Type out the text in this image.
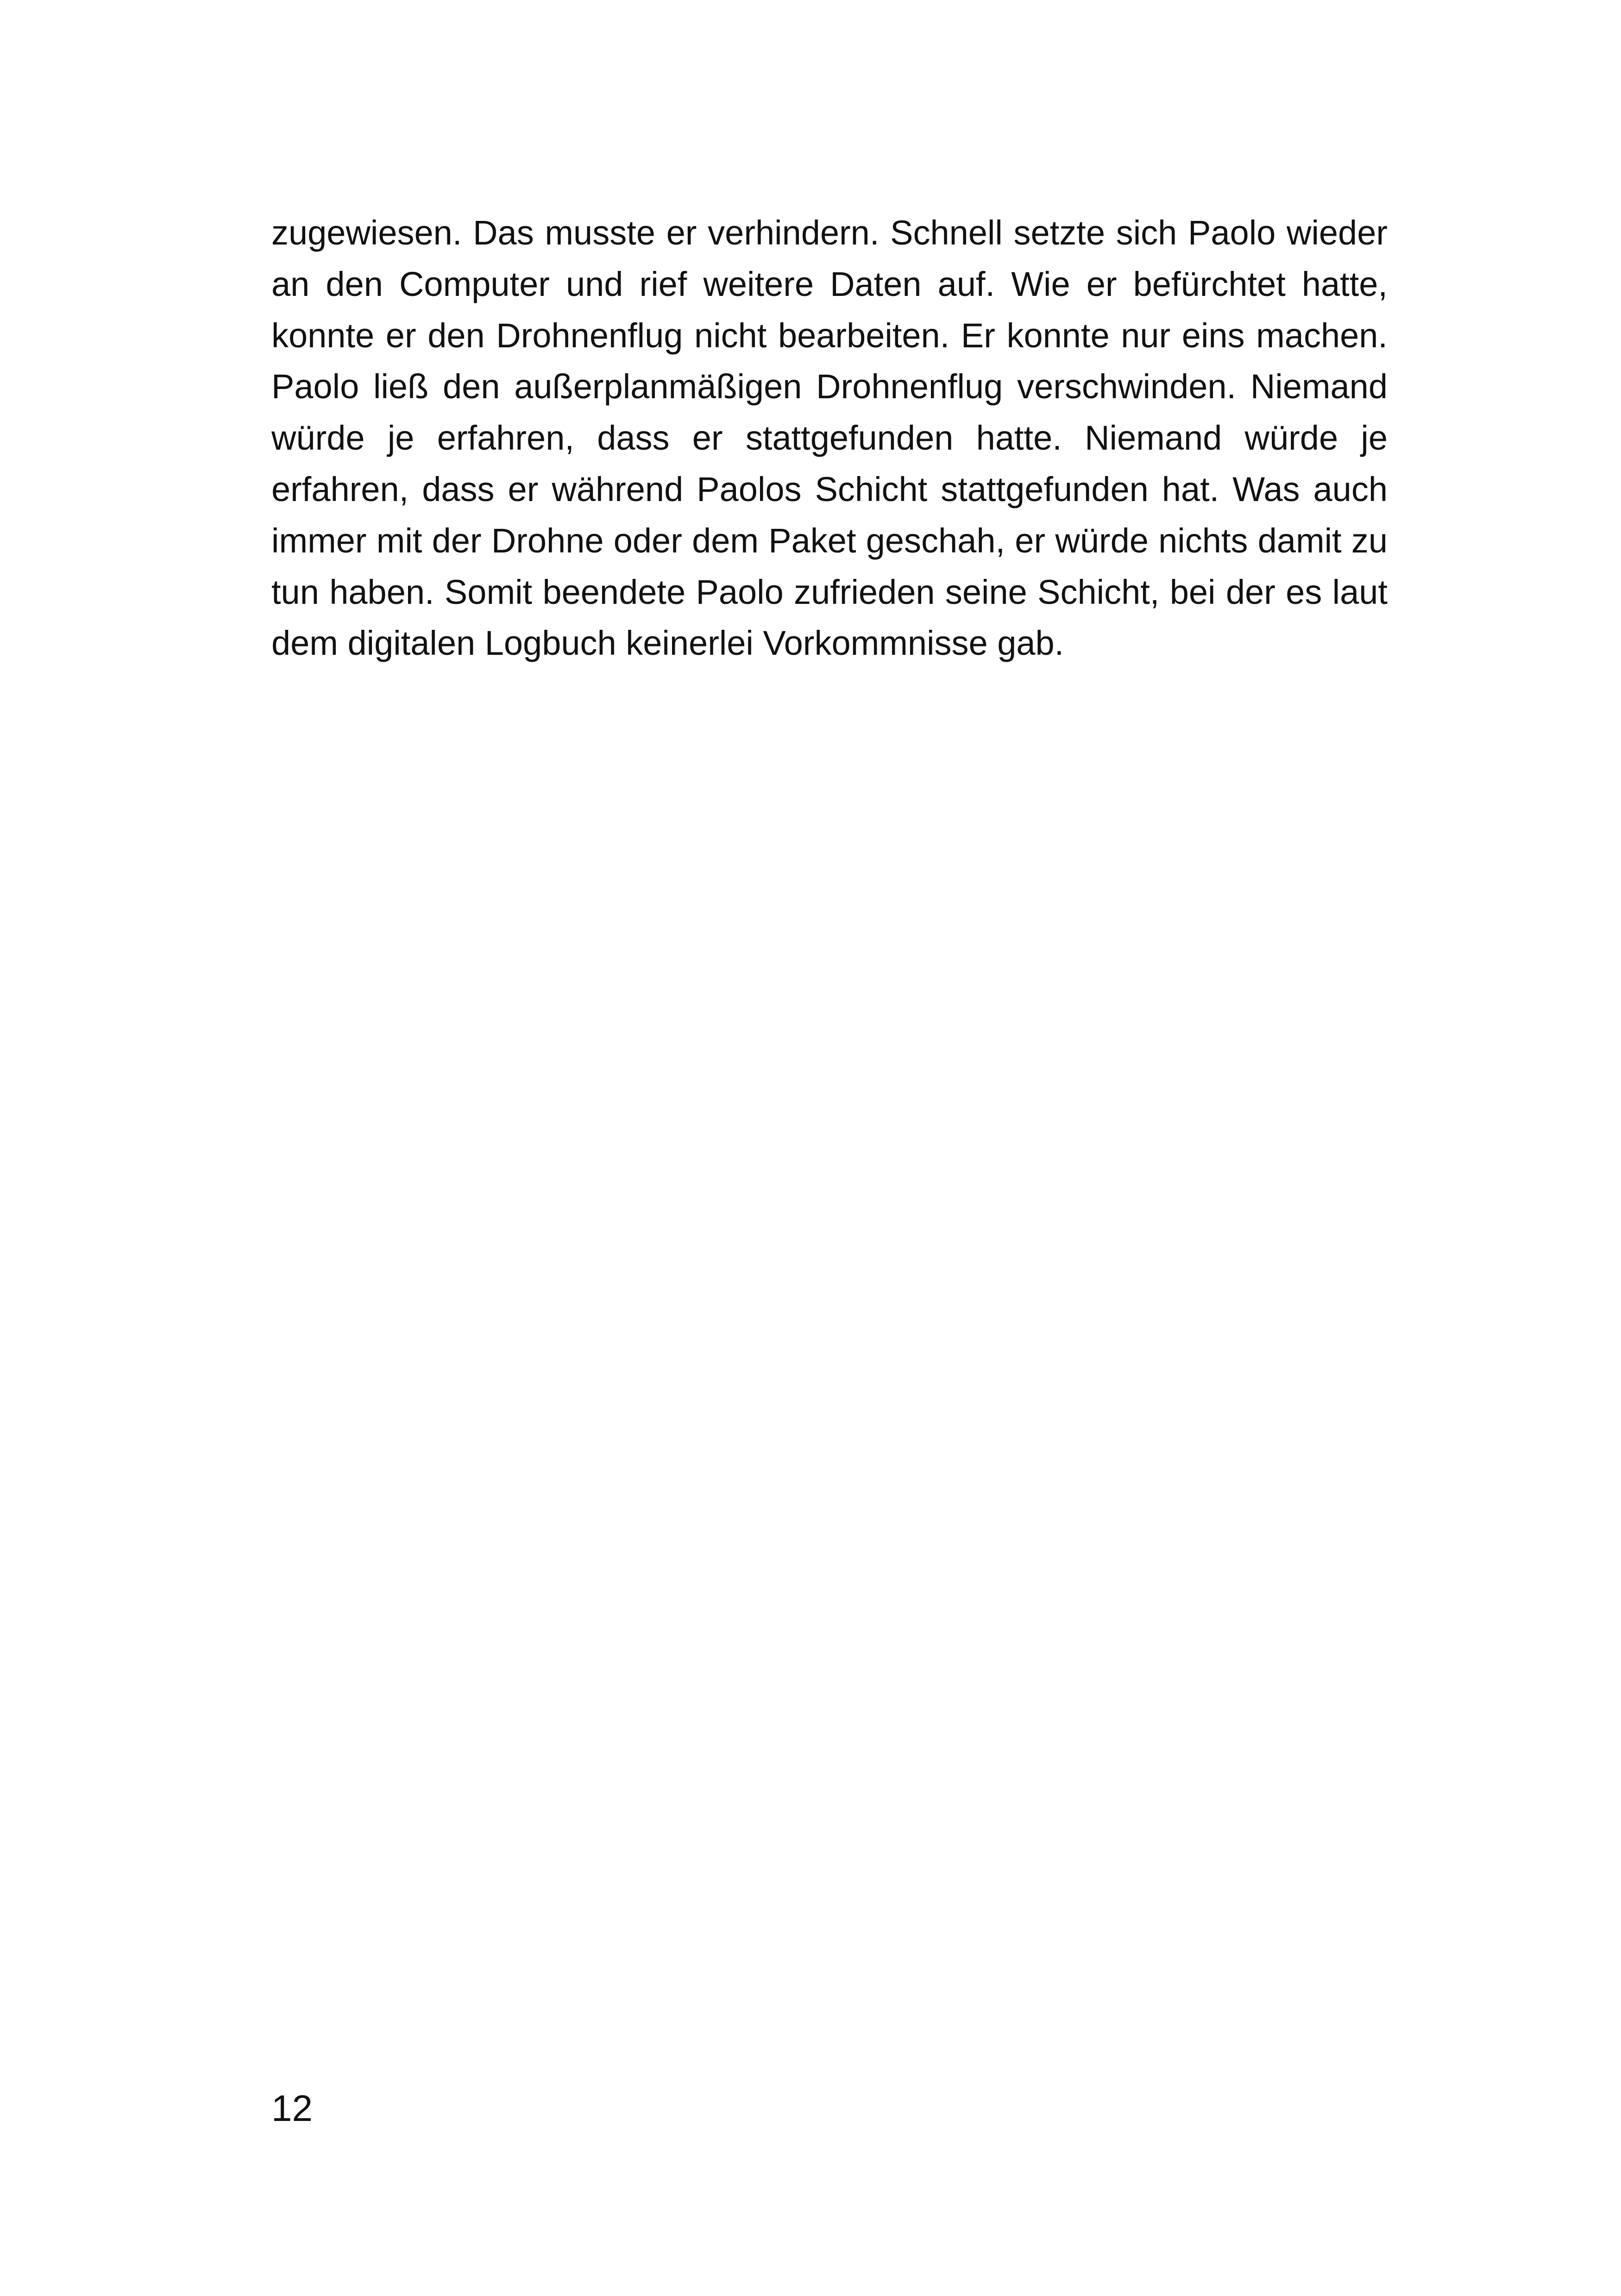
zugewiesen. Das musste er verhindern. Schnell setzte sich Paolo wieder an den Computer und rief weitere Daten auf. Wie er befürchtet hatte, konnte er den Drohnenflug nicht bearbeiten. Er konnte nur eins machen. Paolo ließ den außerplanmäßigen Drohnenflug verschwinden. Niemand würde je erfahren, dass er stattgefunden hatte. Niemand würde je erfahren, dass er während Paolos Schicht stattgefunden hat. Was auch immer mit der Drohne oder dem Paket geschah, er würde nichts damit zu tun haben. Somit beendete Paolo zufrieden seine Schicht, bei der es laut dem digitalen Logbuch keinerlei Vorkommnisse gab.

12
